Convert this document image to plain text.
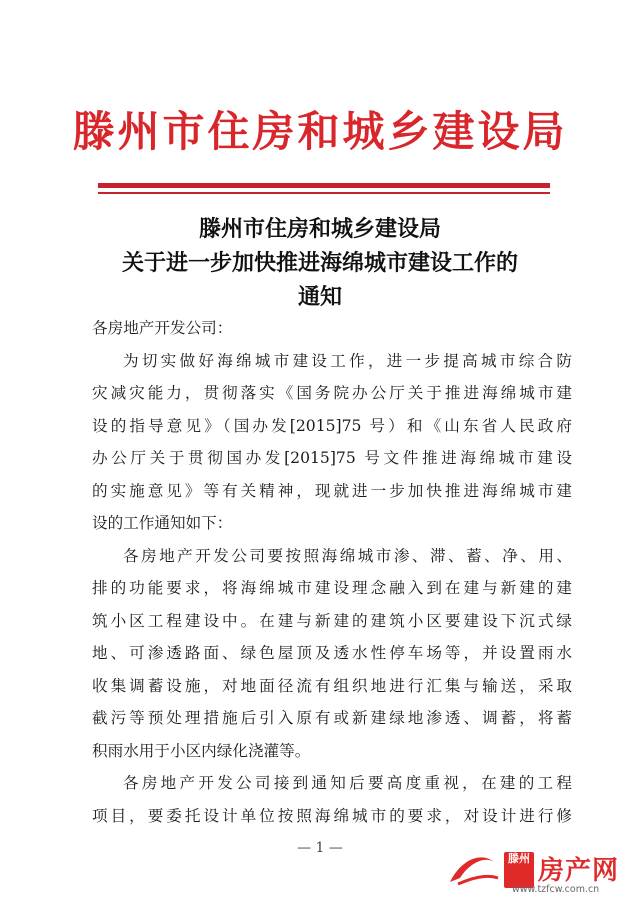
滕州市住房和城乡建设局
滕州市住房和城乡建设局
关于进一步加快推进海绵城市建设工作的
通知
各房地产开发公司：
为切实做好海绵城市建设工作，进一步提高城市综合防
灾减灾能力，贯彻落实《国务院办公厅关于推进海绵城市建
设的指导意见》（国办发[2015]75 号）和《山东省人民政府
办公厅关于贯彻国办发[2015]75 号文件推进海绵城市建设
的实施意见》等有关精神，现就进一步加快推进海绵城市建
设的工作通知如下：
各房地产开发公司要按照海绵城市渗、滞、蓄、净、用、
排的功能要求，将海绵城市建设理念融入到在建与新建的建
筑小区工程建设中。在建与新建的建筑小区要建设下沉式绿
地、可渗透路面、绿色屋顶及透水性停车场等，并设置雨水
收集调蓄设施，对地面径流有组织地进行汇集与输送，采取
截污等预处理措施后引入原有或新建绿地渗透、调蓄，将蓄
积雨水用于小区内绿化浇灌等。
各房地产开发公司接到通知后要高度重视，在建的工程
项目，要委托设计单位按照海绵城市的要求，对设计进行修
— 1 —
滕州 房产网
www.tzfcw.com.cn
